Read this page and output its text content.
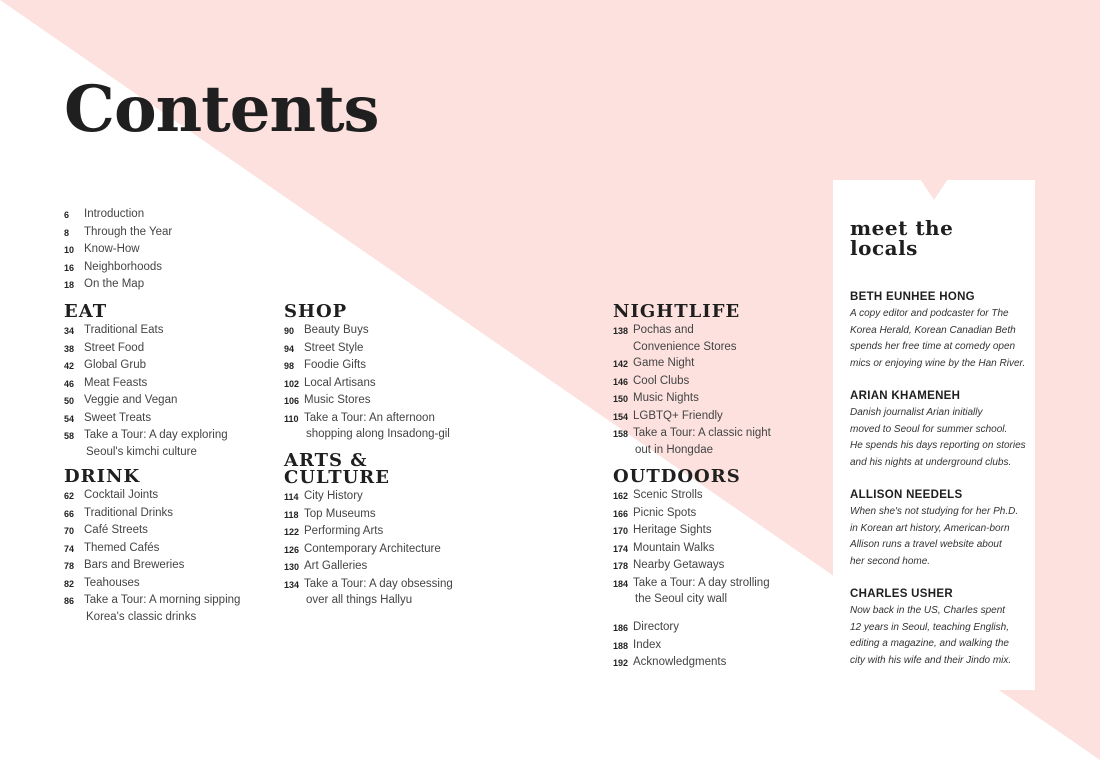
Contents
6	Introduction
8	Through the Year
10 Know-How
16 Neighborhoods
18 On the Map
EAT
34 Traditional Eats
38 Street Food
42 Global Grub
46 Meat Feasts
50 Veggie and Vegan
54 Sweet Treats
58 Take a Tour: A day exploring
Seoul's kimchi culture
DRINK
62 Cocktail Joints
66 Traditional Drinks
70 Café Streets
74 Themed Cafés
78 Bars and Breweries
82 Teahouses
86 Take a Tour: A morning sipping
Korea's classic drinks
SHOP
90 Beauty Buys
94 Street Style
98 Foodie Gifts
102 Local Artisans
106 Music Stores
110 Take a Tour: An afternoon
shopping along Insadong-gil
ARTS &
CULTURE
114 City History
118 Top Museums
122 Performing Arts
126 Contemporary Architecture
130 Art Galleries
134 Take a Tour: A day obsessing
over all things Hallyu
NIGHTLIFE
138 Pochas and
Convenience Stores
142 Game Night
146 Cool Clubs
150 Music Nights
154 LGBTQ+ Friendly
158 Take a Tour: A classic night
out in Hongdae
OUTDOORS
162 Scenic Strolls
166 Picnic Spots
170 Heritage Sights
174 Mountain Walks
178 Nearby Getaways
184 Take a Tour: A day strolling
the Seoul city wall
186 Directory
188 Index
192 Acknowledgments
meet the
locals
BETH EUNHEE HONG
A copy editor and podcaster for The
Korea Herald, Korean Canadian Beth
spends her free time at comedy open
mics or enjoying wine by the Han River.
ARIAN KHAMENEH
Danish journalist Arian initially
moved to Seoul for summer school.
He spends his days reporting on stories
and his nights at underground clubs.
ALLISON NEEDELS
When she's not studying for her Ph.D.
in Korean art history, American-born
Allison runs a travel website about
her second home.
CHARLES USHER
Now back in the US, Charles spent
12 years in Seoul, teaching English,
editing a magazine, and walking the
city with his wife and their Jindo mix.
